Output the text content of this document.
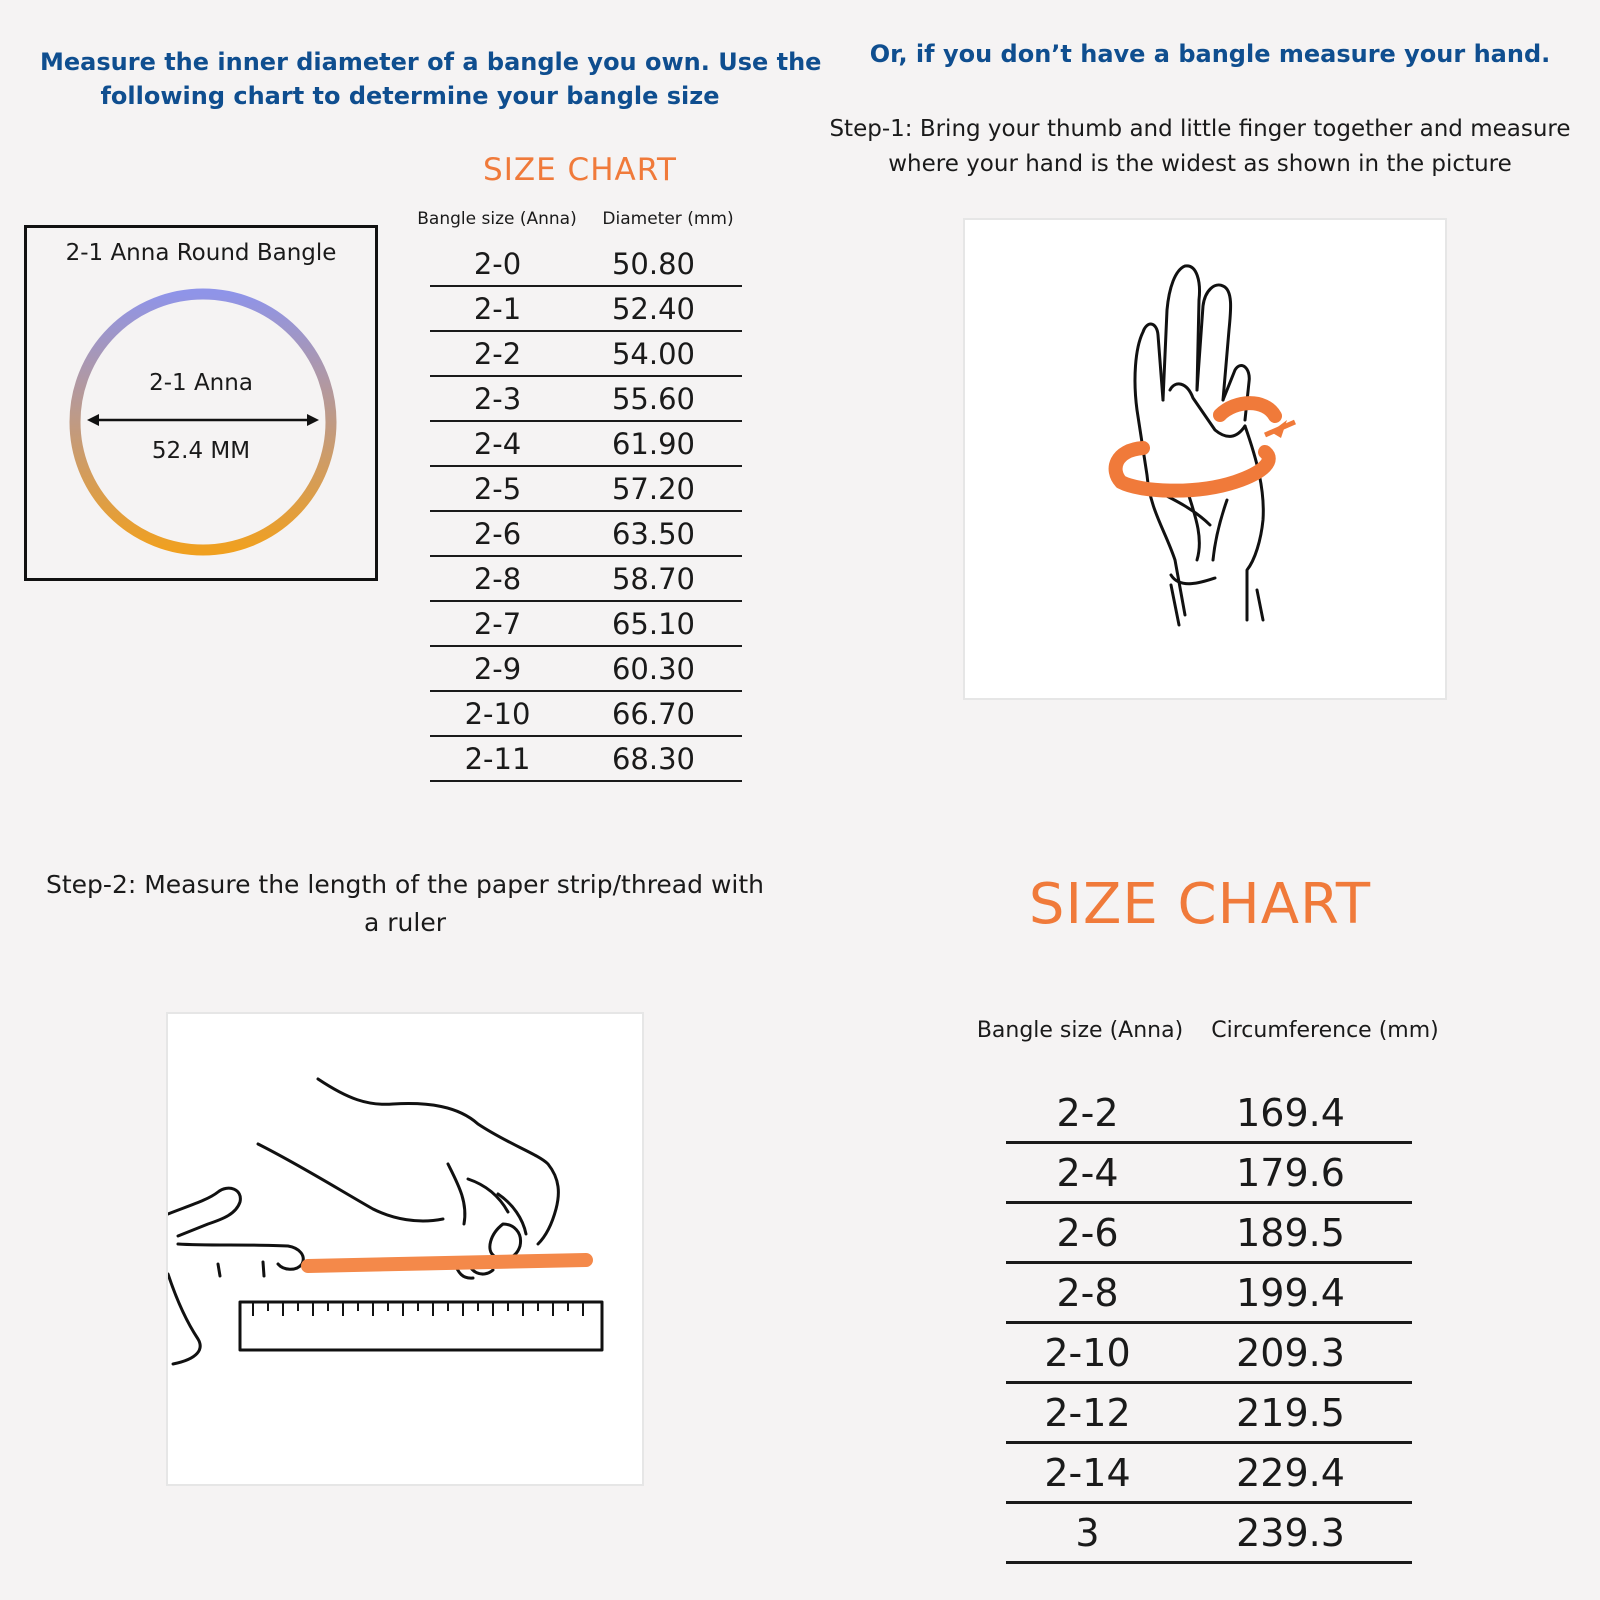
Measure the inner diameter of a bangle you own. Use the
following chart to determine your bangle size
SIZE CHART
Bangle size (Anna)	Diameter (mm)
2-0	50.80
2-1	52.40
2-2	54.00
2-3	55.60
2-4	61.90
2-5	57.20
2-6	63.50
2-8	58.70
2-7	65.10
2-9	60.30
2-10	66.70
2-11	68.30
2-1 Anna Round Bangle
2-1 Anna
52.4 MM
Or, if you don’t have a bangle measure your hand.
Step-1: Bring your thumb and little finger together and measure
where your hand is the widest as shown in the picture
Step-2: Measure the length of the paper strip/thread with
a ruler	SIZE CHART
Bangle size (Anna)	Circumference (mm)
2-2	169.4
2-4	179.6
2-6	189.5
2-8	199.4
2-10	209.3
2-12	219.5
2-14	229.4
3	239.3
